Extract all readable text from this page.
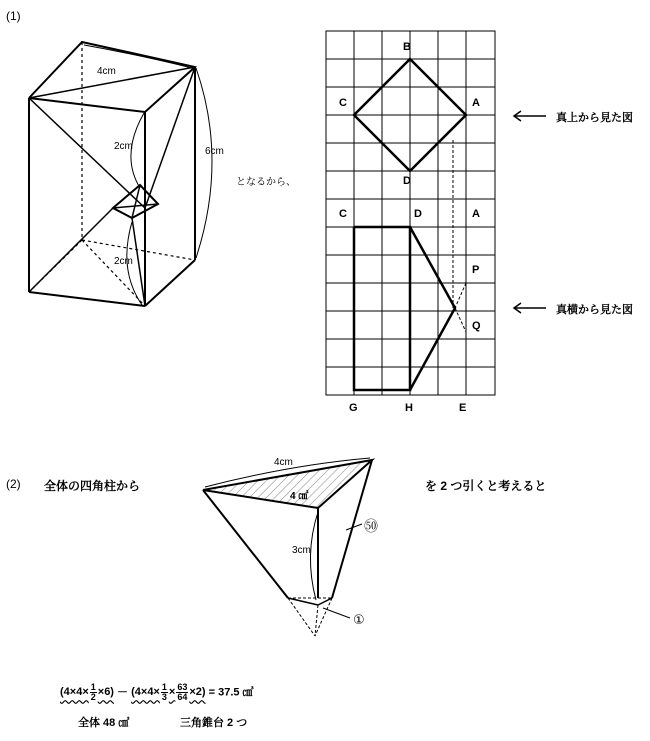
(1)
4cm
2cm	6cm
2cm
となるから、
B
C	A
D
C	D	A
P
Q
G	H	E
真上から見た図
真横から見た図
(2) 全体の四角柱から
4cm
4 ㎠
3cm
㊿
①
を 2 つ引くと考えると
$(4\times 4\times \frac{1}{2} \times 6) - (4\times 4\times \frac{1}{3} \times \frac{63}{64} \times 2) = 37.5$ ㎤
全体 48 ㎤	三角錐台 2 つ
